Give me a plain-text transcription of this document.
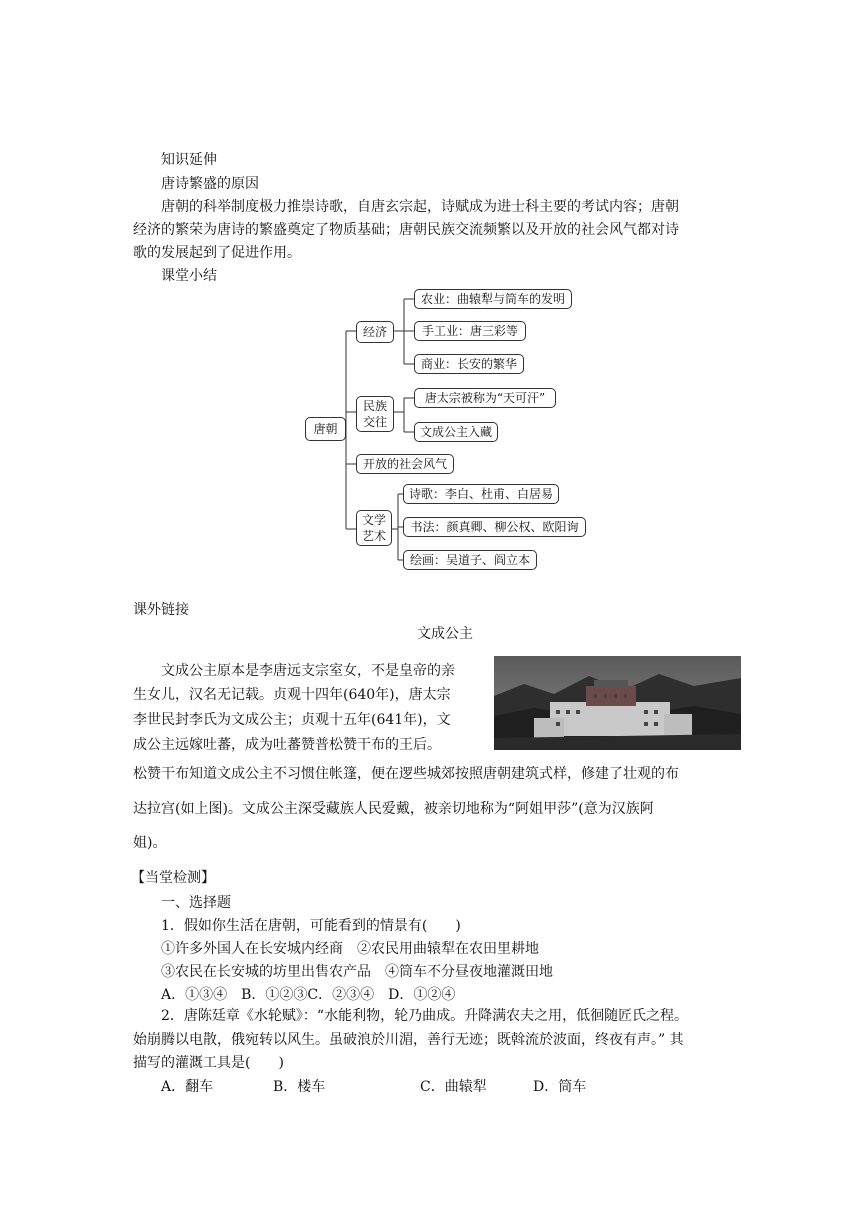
知识延伸
唐诗繁盛的原因
唐朝的科举制度极力推崇诗歌，自唐玄宗起，诗赋成为进士科主要的考试内容；唐朝
经济的繁荣为唐诗的繁盛奠定了物质基础；唐朝民族交流频繁以及开放的社会风气都对诗
歌的发展起到了促进作用。
课堂小结
唐朝
经济
农业：曲辕犁与筒车的发明
手工业：唐三彩等
商业：长安的繁华
民族
交往
唐太宗被称为“天可汗”
文成公主入藏
开放的社会风气
文学
艺术
诗歌：李白、杜甫、白居易
书法：颜真卿、柳公权、欧阳询
绘画：吴道子、阎立本
课外链接
文成公主
文成公主原本是李唐远支宗室女，不是皇帝的亲
生女儿，汉名无记载。贞观十四年(640年)，唐太宗
李世民封李氏为文成公主；贞观十五年(641年)，文
成公主远嫁吐蕃，成为吐蕃赞普松赞干布的王后。
松赞干布知道文成公主不习惯住帐篷，便在逻些城郊按照唐朝建筑式样，修建了壮观的布
达拉宫(如上图)。文成公主深受藏族人民爱戴，被亲切地称为“阿姐甲莎”(意为汉族阿
姐)。
【当堂检测】
一、选择题
1．假如你生活在唐朝，可能看到的情景有(　　)
①许多外国人在长安城内经商　②农民用曲辕犁在农田里耕地
③农民在长安城的坊里出售农产品　④筒车不分昼夜地灌溉田地
A．①③④　B．①②③C．②③④　D．①②④
2．唐陈廷章《水轮赋》：“水能利物，轮乃曲成。升降满农夫之用，低徊随匠氏之程。
始崩腾以电散，俄宛转以风生。虽破浪於川湄，善行无迹；既斡流於波面，终夜有声。” 其
描写的灌溉工具是(　　)
A．翻车	B．楼车	C．曲辕犁	D．筒车
